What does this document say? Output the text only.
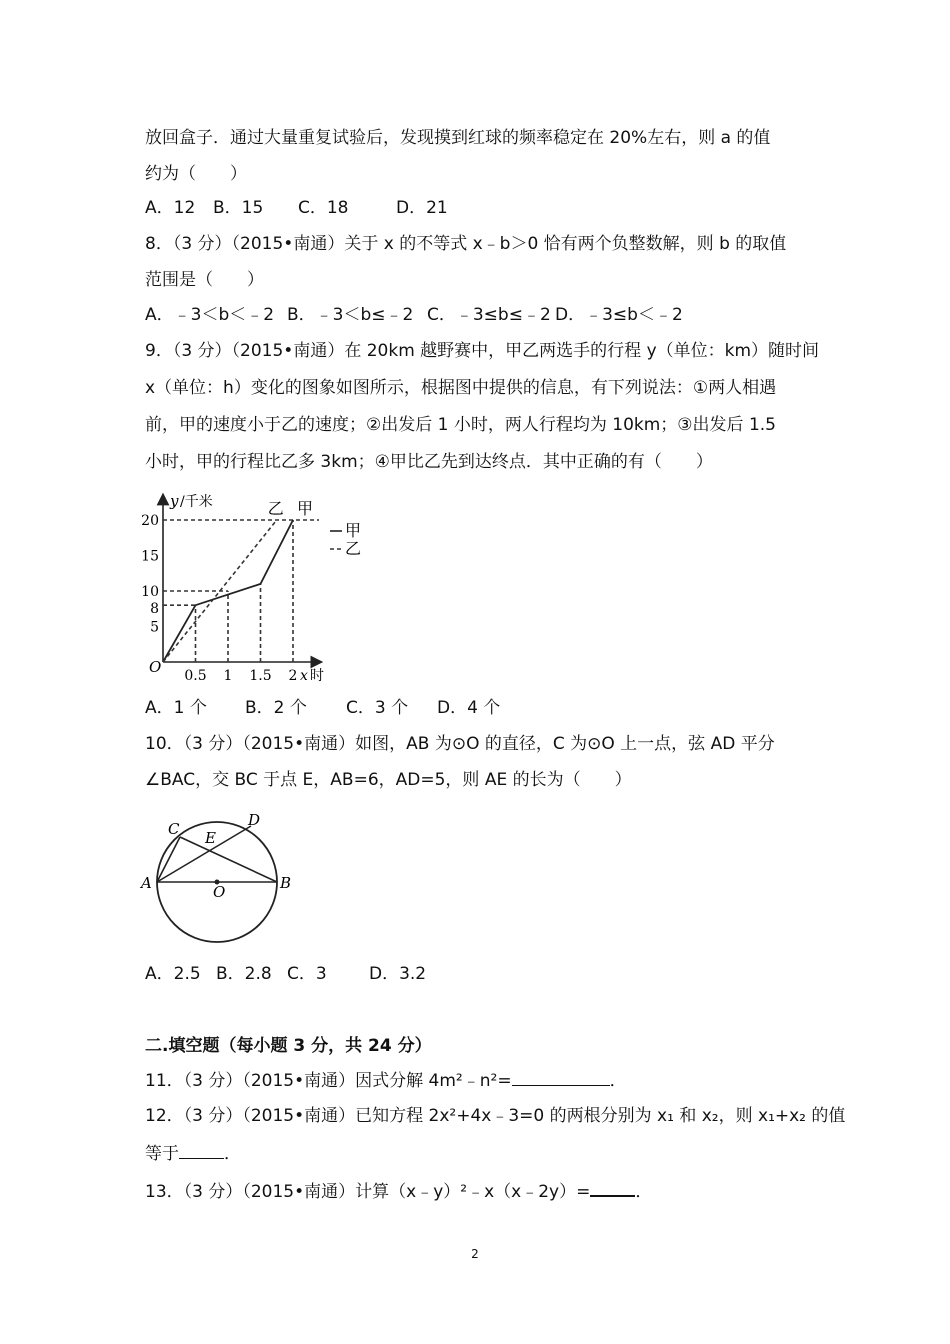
放回盒子．通过大量重复试验后，发现摸到红球的频率稳定在 20%左右，则 a 的值
约为（　　）

A．12

B．15

C．18

	D．21

8．（3 分）（2015•南通）关于 x 的不等式 x﹣b＞0 恰有两个负整数解，则 b 的取值
范围是（　　）

A．﹣3＜b＜﹣2

B．﹣3＜b≤﹣2

C．﹣3≤b≤﹣2

D．﹣3≤b＜﹣2

9．（3 分）（2015•南通）在 20km 越野赛中，甲乙两选手的行程 y（单位：km）随时间
x（单位：h）变化的图象如图所示，根据图中提供的信息，有下列说法：①两人相遇
前，甲的速度小于乙的速度；②出发后 1 小时，两人行程均为 10km；③出发后 1.5
小时，甲的行程比乙多 3km；④甲比乙先到达终点．其中正确的有（　　）
O
y /千米
x 时
0.5 1 1.5 2
5
8
10
15
20
乙 甲
甲
乙

A．1 个

B．2 个

C．3 个

D．4 个

10．（3 分）（2015•南通）如图，AB 为⊙O 的直径，C 为⊙O 上一点，弦 AD 平分
∠BAC，交 BC 于点 E，AB=6，AD=5，则 AE 的长为（　　）
C E
D
A	O	B

A．2.5

B．2.8

C．3

D．3.2

二.填空题（每小题 3 分，共 24 分）
11．（3 分）（2015•南通）因式分解 4m²﹣n²=	．
12．（3 分）（2015•南通）已知方程 2x²+4x﹣3=0 的两根分别为 x₁ 和 x₂，则 x₁+x₂ 的值
等于	．
13．（3 分）（2015•南通）计算（x﹣y）²﹣x（x﹣2y）=	．
2
